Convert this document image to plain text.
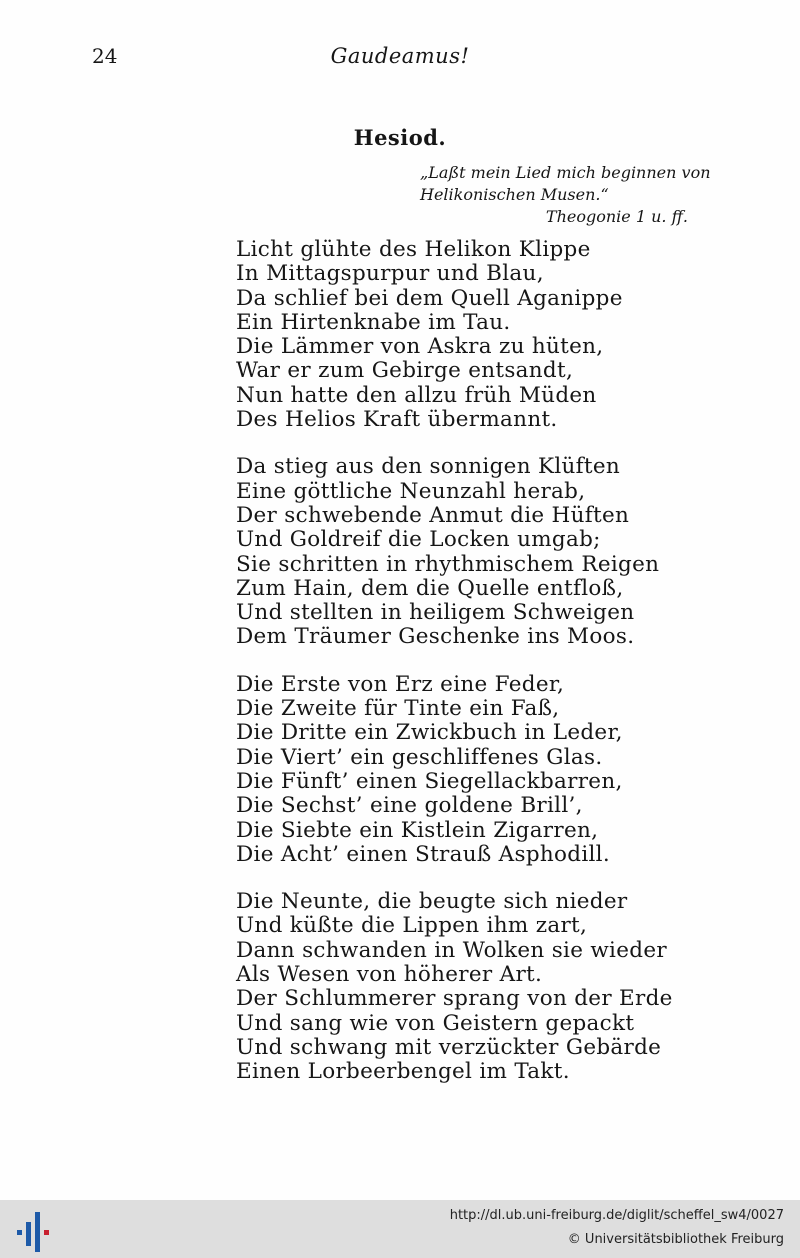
24	Gaudeamus!
Hesiod.
„Laßt mein Lied mich beginnen von
Helikonischen Musen.“
Theogonie 1 u. ff.
Licht glühte des Helikon Klippe
In Mittagspurpur und Blau,
Da schlief bei dem Quell Aganippe
Ein Hirtenknabe im Tau.
Die Lämmer von Askra zu hüten,
War er zum Gebirge entsandt,
Nun hatte den allzu früh Müden
Des Helios Kraft übermannt.
Da stieg aus den sonnigen Klüften
Eine göttliche Neunzahl herab,
Der schwebende Anmut die Hüften
Und Goldreif die Locken umgab;
Sie schritten in rhythmischem Reigen
Zum Hain, dem die Quelle entfloß,
Und stellten in heiligem Schweigen
Dem Träumer Geschenke ins Moos.
Die Erste von Erz eine Feder,
Die Zweite für Tinte ein Faß,
Die Dritte ein Zwickbuch in Leder,
Die Viert’ ein geschliffenes Glas.
Die Fünft’ einen Siegellackbarren,
Die Sechst’ eine goldene Brill’,
Die Siebte ein Kistlein Zigarren,
Die Acht’ einen Strauß Asphodill.
Die Neunte, die beugte sich nieder
Und küßte die Lippen ihm zart,
Dann schwanden in Wolken sie wieder
Als Wesen von höherer Art.
Der Schlummerer sprang von der Erde
Und sang wie von Geistern gepackt
Und schwang mit verzückter Gebärde
Einen Lorbeerbengel im Takt.
http://dl.ub.uni-freiburg.de/diglit/scheffel_sw4/0027
© Universitätsbibliothek Freiburg
